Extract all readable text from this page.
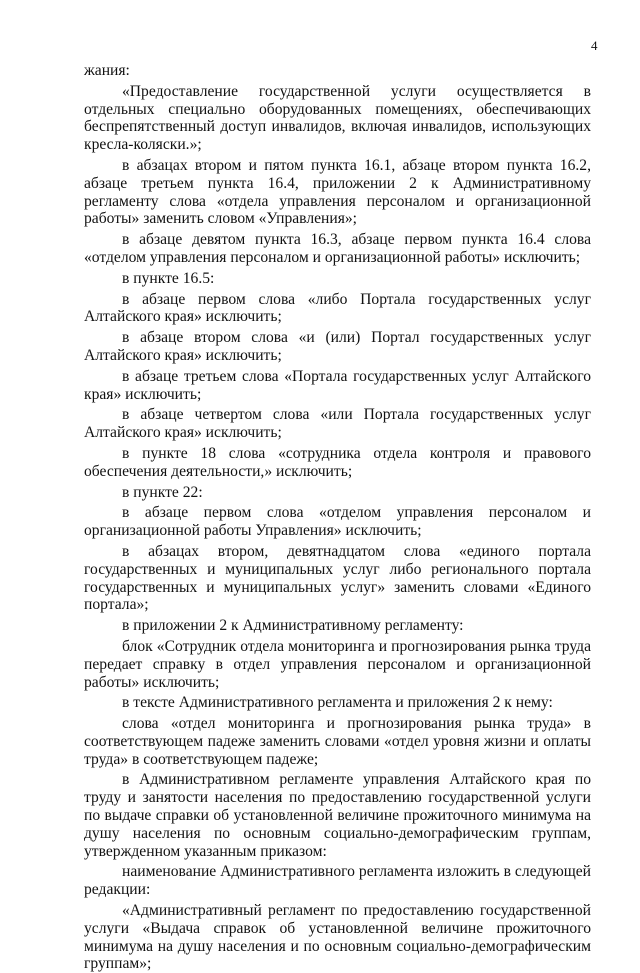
4

жания:

«Предоставление государственной услуги осуществляется в отдельных специально оборудованных помещениях, обеспечивающих беспрепятственный доступ инвалидов, включая инвалидов, использующих кресла-коляски.»;

в абзацах втором и пятом пункта 16.1, абзаце втором пункта 16.2, абзаце третьем пункта 16.4, приложении 2 к Административному регламенту слова «отдела управления персоналом и организационной работы» заменить словом «Управления»;

в абзаце девятом пункта 16.3, абзаце первом пункта 16.4 слова «отделом управления персоналом и организационной работы» исключить;

в пункте 16.5:

в абзаце первом слова «либо Портала государственных услуг Алтайского края» исключить;

в абзаце втором слова «и (или) Портал государственных услуг Алтайского края» исключить;

в абзаце третьем слова «Портала государственных услуг Алтайского края» исключить;

в абзаце четвертом слова «или Портала государственных услуг Алтайского края» исключить;

в пункте 18 слова «сотрудника отдела контроля и правового обеспечения деятельности,» исключить;

в пункте 22:

в абзаце первом слова «отделом управления персоналом и организационной работы Управления» исключить;

в абзацах втором, девятнадцатом слова «единого портала государственных и муниципальных услуг либо регионального портала государственных и муниципальных услуг» заменить словами «Единого портала»;

в приложении 2 к Административному регламенту:

блок «Сотрудник отдела мониторинга и прогнозирования рынка труда передает справку в отдел управления персоналом и организационной работы» исключить;

в тексте Административного регламента и приложения 2 к нему:

слова «отдел мониторинга и прогнозирования рынка труда» в соответствующем падеже заменить словами «отдел уровня жизни и оплаты труда» в соответствующем падеже;

в Административном регламенте управления Алтайского края по труду и занятости населения по предоставлению государственной услуги по выдаче справки об установленной величине прожиточного минимума на душу населения по основным социально-демографическим группам, утвержденном указанным приказом:

наименование Административного регламента изложить в следующей редакции:

«Административный регламент по предоставлению государственной услуги «Выдача справок об установленной величине прожиточного минимума на душу населения и по основным социально-демографическим группам»;
